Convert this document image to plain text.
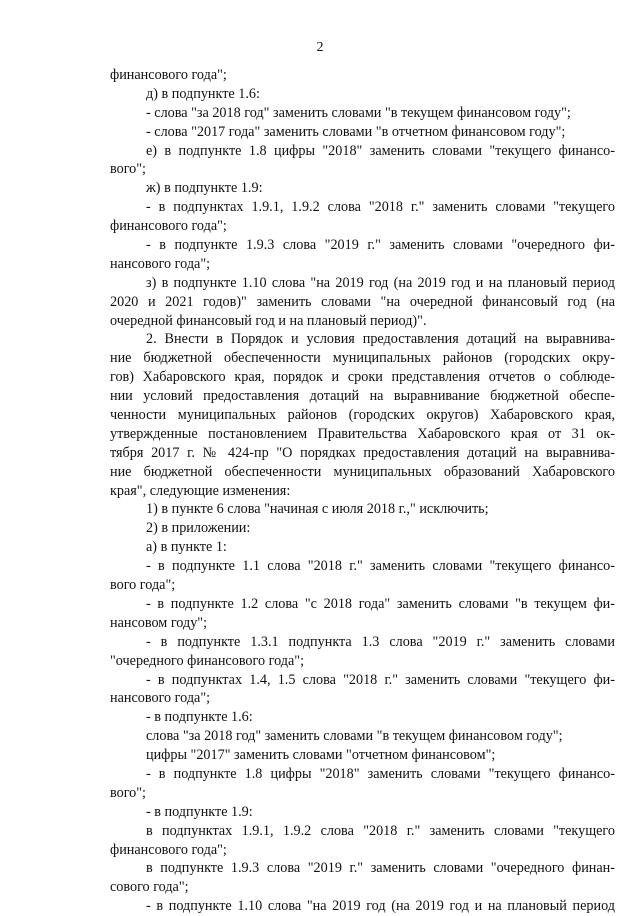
2
финансового года";
д) в подпункте 1.6:
- слова "за 2018 год" заменить словами "в текущем финансовом году";
- слова "2017 года" заменить словами "в отчетном финансовом году";
е) в подпункте 1.8 цифры "2018" заменить словами "текущего финансо-
вого";
ж) в подпункте 1.9:
- в подпунктах 1.9.1, 1.9.2 слова "2018 г." заменить словами "текущего
финансового года";
- в подпункте 1.9.3 слова "2019 г." заменить словами "очередного фи-
нансового года";
з) в подпункте 1.10 слова "на 2019 год (на 2019 год и на плановый период
2020 и 2021 годов)" заменить словами "на очередной финансовый год (на
очередной финансовый год и на плановый период)".
2. Внести в Порядок и условия предоставления дотаций на выравнива-
ние бюджетной обеспеченности муниципальных районов (городских окру-
гов) Хабаровского края, порядок и сроки представления отчетов о соблюде-
нии условий предоставления дотаций на выравнивание бюджетной обеспе-
ченности муниципальных районов (городских округов) Хабаровского края,
утвержденные постановлением Правительства Хабаровского края от 31 ок-
тября 2017 г. № 424-пр "О порядках предоставления дотаций на выравнива-
ние бюджетной обеспеченности муниципальных образований Хабаровского
края", следующие изменения:
1) в пункте 6 слова "начиная с июля 2018 г.," исключить;
2) в приложении:
а) в пункте 1:
- в подпункте 1.1 слова "2018 г." заменить словами "текущего финансо-
вого года";
- в подпункте 1.2 слова "с 2018 года" заменить словами "в текущем фи-
нансовом году";
- в подпункте 1.3.1 подпункта 1.3 слова "2019 г." заменить словами
"очередного финансового года";
- в подпунктах 1.4, 1.5 слова "2018 г." заменить словами "текущего фи-
нансового года";
- в подпункте 1.6:
слова "за 2018 год" заменить словами "в текущем финансовом году";
цифры "2017" заменить словами "отчетном финансовом";
- в подпункте 1.8 цифры "2018" заменить словами "текущего финансо-
вого";
- в подпункте 1.9:
в подпунктах 1.9.1, 1.9.2 слова "2018 г." заменить словами "текущего
финансового года";
в подпункте 1.9.3 слова "2019 г." заменить словами "очередного финан-
сового года";
- в подпункте 1.10 слова "на 2019 год (на 2019 год и на плановый период
